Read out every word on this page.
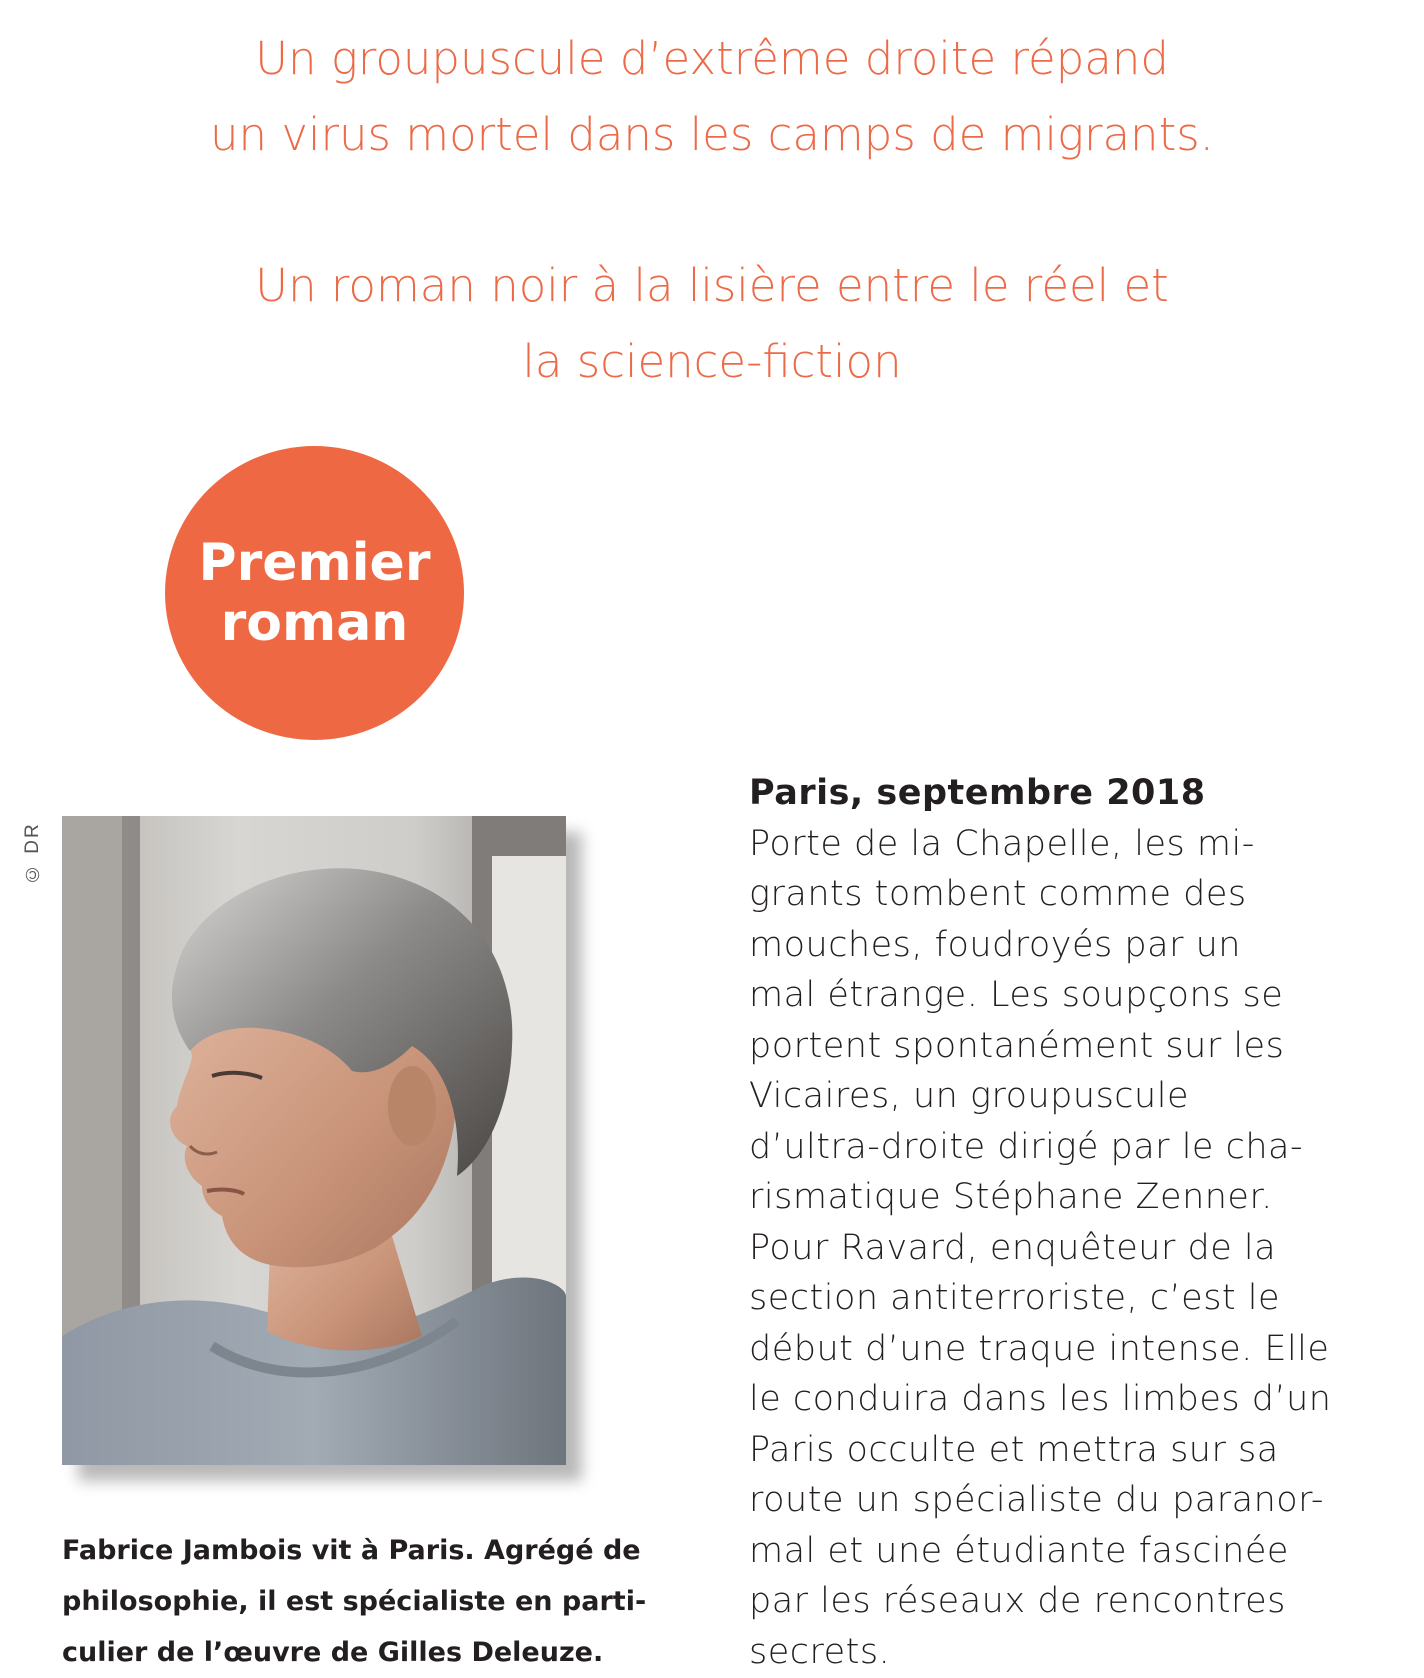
Un groupuscule d’extrême droite répand
un virus mortel dans les camps de migrants.
Un roman noir à la lisière entre le réel et
la science-fiction
Premier
roman
© DR
Fabrice Jambois vit à Paris. Agrégé de
philosophie, il est spécialiste en parti-
culier de l’œuvre de Gilles Deleuze.
Paris, septembre 2018
Porte de la Chapelle, les mi-
grants tombent comme des
mouches, foudroyés par un
mal étrange. Les soupçons se
portent spontanément sur les
Vicaires, un groupuscule
d’ultra-droite dirigé par le cha-
rismatique Stéphane Zenner.
Pour Ravard, enquêteur de la
section antiterroriste, c’est le
début d’une traque intense. Elle
le conduira dans les limbes d’un
Paris occulte et mettra sur sa
route un spécialiste du paranor-
mal et une étudiante fascinée
par les réseaux de rencontres
secrets.
